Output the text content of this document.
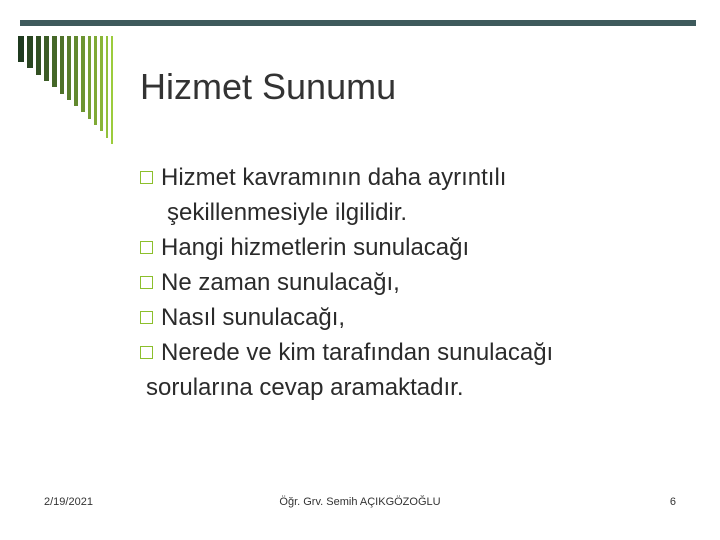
Hizmet Sunumu
Hizmet kavramının daha ayrıntılı
şekillenmesiyle ilgilidir.
Hangi hizmetlerin sunulacağı
Ne zaman sunulacağı,
Nasıl sunulacağı,
Nerede ve kim tarafından sunulacağı
sorularına cevap aramaktadır.
2/19/2021	Öğr. Grv. Semih AÇIKGÖZOĞLU	6
